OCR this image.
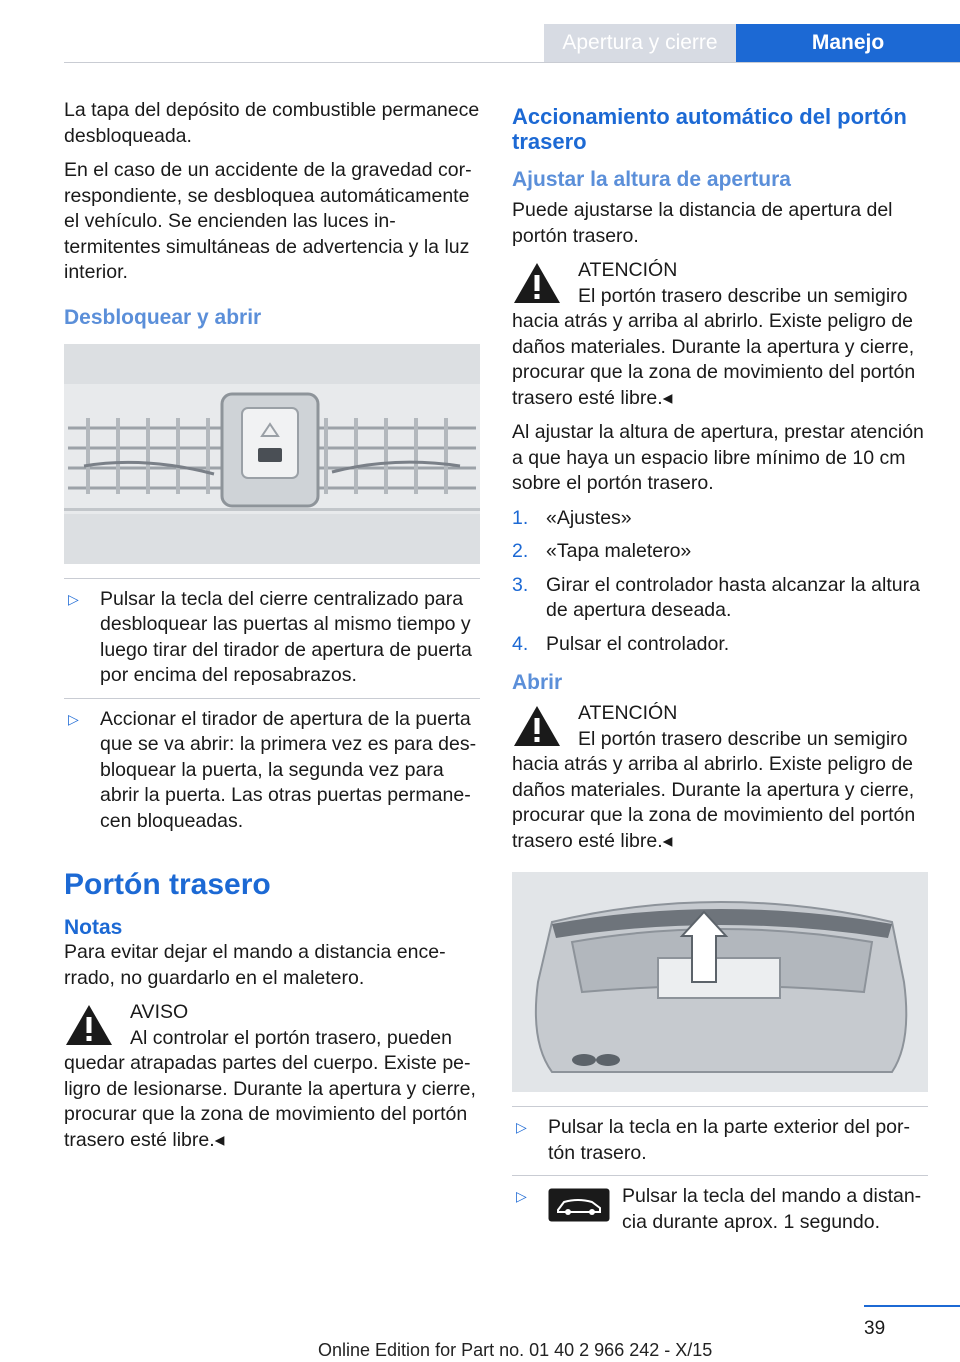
Apertura y cierre	Manejo

La tapa del depósito de combustible permanece desbloqueada.

En el caso de un accidente de la gravedad correspondiente, se desbloquea automáticamente el vehículo. Se encienden las luces intermitentes simultáneas de advertencia y la luz interior.

Desbloquear y abrir
▷ Pulsar la tecla del cierre centralizado para desbloquear las puertas al mismo tiempo y luego tirar del tirador de apertura de puerta por encima del reposabrazos.
▷ Accionar el tirador de apertura de la puerta que se va abrir: la primera vez es para desbloquear la puerta, la segunda vez para abrir la puerta. Las otras puertas permanecen bloqueadas.
Portón trasero
Notas

Para evitar dejar el mando a distancia encerrado, no guardarlo en el maletero.

AVISO
Al controlar el portón trasero, pueden quedar atrapadas partes del cuerpo. Existe peligro de lesionarse. Durante la apertura y cierre, procurar que la zona de movimiento del portón trasero esté libre.◂
Accionamiento automático del portón trasero
Ajustar la altura de apertura

Puede ajustarse la distancia de apertura del portón trasero.

ATENCIÓN
El portón trasero describe un semigiro hacia atrás y arriba al abrirlo. Existe peligro de daños materiales. Durante la apertura y cierre, procurar que la zona de movimiento del portón trasero esté libre.◂

Al ajustar la altura de apertura, prestar atención a que haya un espacio libre mínimo de 10 cm sobre el portón trasero.

1. «Ajustes»
2. «Tapa maletero»
3. Girar el controlador hasta alcanzar la altura de apertura deseada.
4. Pulsar el controlador.
Abrir
ATENCIÓN
El portón trasero describe un semigiro hacia atrás y arriba al abrirlo. Existe peligro de daños materiales. Durante la apertura y cierre, procurar que la zona de movimiento del portón trasero esté libre.◂
▷ Pulsar la tecla en la parte exterior del portón trasero.
▷	Pulsar la tecla del mando a distancia durante aprox. 1 segundo.
39
Online Edition for Part no. 01 40 2 966 242 - X/15
